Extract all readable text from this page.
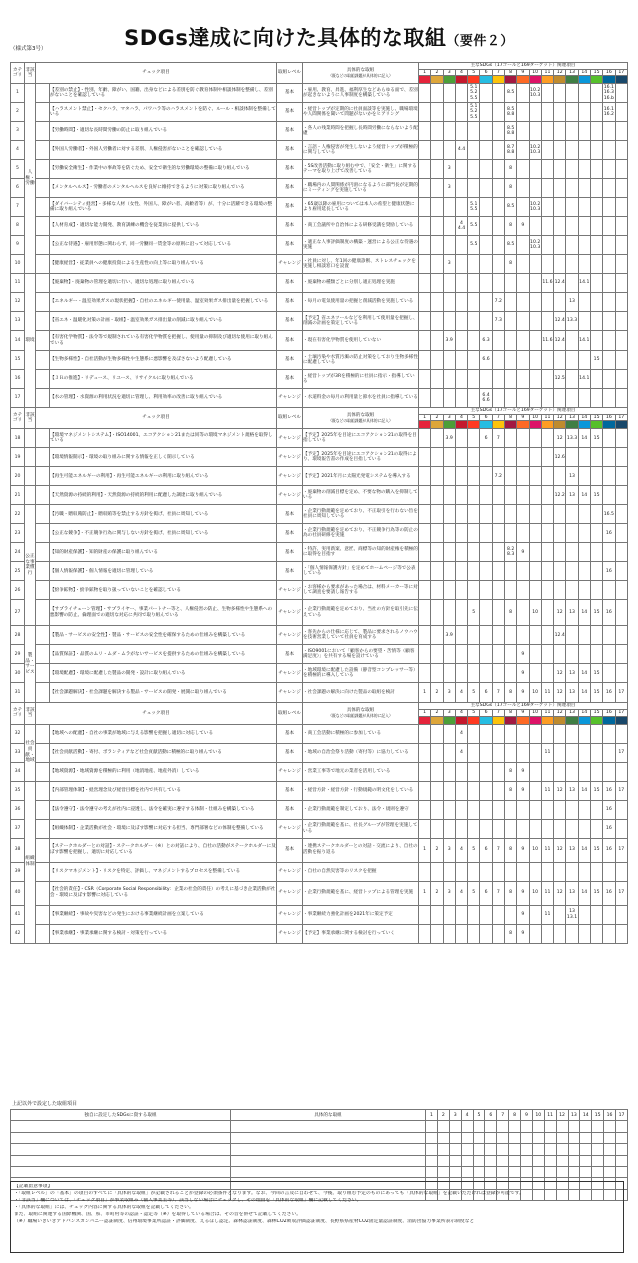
（様式第3号）	SDGs達成に向けた具体的な取組（要件２）
カテゴリ	非該当	チェック項目		取組レベル	具体的な取組
（既などの取組課題が具体的に記入）	主なSDGs（17ゴールと169ターゲット）関連項目																
						1	2	3	4	5	6	7	8	9	10	11	12	13	14	15	16	17

1	人権・労働		【差別の禁止】・性別、年齢、障がい、国籍、出身などによる差別を防ぐ教育体制や相談体制を整備し、差別がないことを確認している	基本	・雇用、教育、昇進、福利厚生などあらゆる面で、差別が起きないように人事制度を構築している					5.1 5.2 5.5			8.5		10.2 10.3						16.1 16.3 16.b	
2			【ハラスメント禁止】・セクハラ、マタハラ、パワハラ等のハラスメントを防ぐ、ルール・相談体制を整備している	基本	・経営トップが定期的に社員面談等を実施し、職場環境や人間関係を聞いて問題がないかをヒアリング					5.1 5.2 5.5			8.5 8.8								16.1 16.2	
3			【労働時間】・適切な長時間労働の防止に取り組んでいる	基本	・各人の残業時間を把握し長時間労働にならないよう配慮								8.5 8.8									
4			【外国人労働者】・外国人労働者に対する差別、人権侵害がないことを確認している	基本	・言語・人権侵害が発生しないよう経営トップが積極的に関与している				4.4				8.7 8.8		10.2 10.3							
5			【労働安全衛生】・作業中の事故等を防ぐため、安全で衛生的な労働環境の整備に取り組んでいる	基本	・5S改善活動に取り組む中で、「安全・衛生」に関するテーマを取り上げて改善している			3					8									
6			【メンタルヘルス】・労働者のメンタルヘルスを良好に維持できるように対策に取り組んでいる	基本	・職場内の人間関係が円滑になるように部門長が定期的にミーティングを実施している			3					8									
7			【ダイバーシティ経営】・多様な人材（女性、外国人、障がい者、高齢者等）が、十分に活躍できる環境の整備に取り組んでいる	基本	・65歳以降の雇用については本人の希望と健康状態により雇用延長している					5.1 5.5			8.5		10.2 10.3							
8			【人材育成】・適切な能力開発、教育訓練の機会を従業員に提供している	基本	・商工会議所や自治体による研修受講を奨励している				4 4.4	5.5			8	9								
9			【公正な待遇】・雇用形態に関わらず、同一労働同一賃金等の原則に沿って対応している	基本	・適正な人事評価制度の構築・運営による公正な待遇の実施					5.5			8.5		10.2 10.3							
10			【健康経営】・従業員への健康投資による生産性の向上等に取り組んでいる	チャレンジ	・社員に対し、年1回の健康診断、ストレスチェックを実施し相談窓口を設置			3					8									
11	環境		【廃棄物】・廃棄物の管理を適切に行い、適切な処理に取り組んでいる	基本	・廃棄物の種類ごとに分別し適正処理を実施											11.6	12.4		14.1			
12			【エネルギー・温室効果ガスの現状把握】・自社のエネルギー使用量、温室効果ガス排出量を把握している	基本	・毎月の電気使用量の把握と削減活動を実施している							7.2						13				
13			【省エネ・温暖化対策の計画・取組】・温室効果ガス排出量の削減に取り組んでいる	基本	【予定】省エネツールなどを利用して使用量を把握し、削減の計画を策定している							7.3					12.4	13.3				
14			【有害化学物質】・法令等で規制されている有害化学物質を把握し、使用量の抑制及び適切な使用に取り組んでいる	基本	・現在有害化学物質を使用していない			3.9			6.3					11.6	12.4		14.1			
15			【生物多様性】・自社活動が生物多様性や生態系に悪影響を及ぼさないよう配慮している	基本	・土壌汚染や水質汚濁の防止対策をしており生物多様性に配慮している						6.6									15		
16			【３Ｒの推進】・リデュース、リユース、リサイクルに取り組んでいる	基本	・経営トップが3Rを積極的に社員に指示・指導している												12.5		14.1			
17			【水の管理】・水資源の利用状況を適切に管理し、利用効率の改善に取り組んでいる	チャレンジ	・水道料金の毎月の利用量と節水を社員に指導している						6.4 6.6											
カテゴリ	非該当	チェック項目		取組レベル	具体的な取組
（既などの取組課題が具体的に記入）	主なSDGs（17ゴールと169ターゲット）関連項目																
						1	2	3	4	5	6	7	8	9	10	11	12	13	14	15	16	17

18			【環境マネジメントシステム】・ISO14001、エコアクション21または同等の環境マネジメント規格を取得している	チャレンジ	【予定】2025年を目途にエコアクション21の取得を目指している			3.9			6	7					12	13.3	14	15		
19			【環境情報開示】・環境の取り組みに関する情報を正しく開示している	チャレンジ	【予定】2025年を目途にエコアクション21の取得により、環境報告書の作成を目指している												12.6					
20			【再生可能エネルギーの利用】・再生可能エネルギーの利用に取り組んでいる	チャレンジ	【予定】2021年月に太陽光発電システムを導入する							7.2						13				
21			【天然資源の持続的利用】・天然資源の持続的利用に配慮した調達に取り組んでいる	チャレンジ	・廃棄物の削減目標を定め、不要な物の購入を抑制している												12.2	13	14	15		
22	公正な事業慣行		【汚職・贈収賄防止】・贈収賄等を禁止する方針を掲げ、社員に周知している	基本	・企業行動規範を定めており、不正取引を行わない旨を社員に周知している																16.5	
23			【公正な競争】・不正競争行為に関与しない方針を掲げ、社員に周知している	基本	・企業行動規範を定めており、不正競争行為等の防止の為の社員研修を実施																16	
24			【知的財産保護】・知的財産の保護に取り組んでいる	基本	・特許、実用新案、意匠、商標等の知的財産権を積極的に取得を目指す								8.2 8.3	9								
25			【個人情報保護】・個人情報を適切に管理している	基本	・「個人情報保護方針」を定めてホームページ等で公表している																16	
26			【紛争鉱物】・紛争鉱物を取り扱っていないことを確認している	チャレンジ	・お客様から要求があった場合は、材料メーカー等に対して調査を要請し報告する																	
27			【サプライチェーン管理】・サプライヤー、事業パートナー等と、人権侵害の防止、生物多様性や生態系への悪影響の防止、倫理面での適切な対応に共同で取り組んでいる	チャレンジ	・企業行動規範を定めており、当社の方針を取引先に伝えている					5			8		10		12	13	14	15	16	
28	製品・サービス		【製品・サービスの安全性】・製品・サービスの安全性を確保するための仕組みを構築している	チャレンジ	・客先からの仕様に応じて、製品に要求されるノウハウを技術営業していて社員を育成する			3.9									12.4					
29			【品質保証】・品質のムリ・ムダ・ムラがないサービスを提供するための仕組みを構築している	基本	・ISO9001において「顧客からの要望・苦情等（顧客満足度）」を共有する場を設けている									9								
30			【環境配慮】・環境に配慮した製品の開発・設計に取り組んでいる	チャレンジ	・地域環境に配慮した設備（静音型コンプレッサー等）を積極的に導入している									9			12	13	14	15		
31			【社会課題解決】・社会課題を解決する製品・サービスの開発・展開に取り組んでいる	チャレンジ	・社会課題の解決に向けた製品の取組を検討	1	2	3	4	5	6	7	8	9	10	11	12	13	14	15	16	17
カテゴリ	非該当	チェック項目		取組レベル	具体的な取組
（既などの取組課題が具体的に記入）	主なSDGs（17ゴールと169ターゲット）関連項目																
						1	2	3	4	5	6	7	8	9	10	11	12	13	14	15	16	17

32	社会貢献・地域		【地域への配慮】・自社の事業が地域に与える影響を把握し適切に対応している	基本	・商工会活動に積極的に参加している				4													
33			【社会貢献活動】・寄付、ボランティアなど社会貢献活動に積極的に取り組んでいる	基本	・地域の自治会祭り活動（寄付等）に協力している				4							11						17
34			【地域資源】・地域資源を積極的に利用（地消地産、地産外消）している	チャレンジ	・営業工事等で地元の業者を活用している								8	9								
35	組織体制		【内部管理体制】・経営理念及び経営目標を社内で共有している	基本	・経営方針・経営方針・行動規範の明文化をしている								8	9		11	12	13	14	15	16	17
36			【法令遵守】・法令遵守の考えが社内に浸透し、法令を確実に遵守する体制・仕組みを構築している	基本	・企業行動規範を制定しており、法令・規則を遵守																16	
37			【組織体制】・企業活動が社会・環境に及ぼす影響に対応する担当、専門部署などの体制を整備している	チャレンジ	・企業行動規範を基に、社長グループが管理を実施している																16	
38			【ステークホルダーとの対話】・ステークホルダー（※）との対話により、自社の活動がステークホルダーに及ぼす影響を把握し、適切に対応している	基本	・連携ステークホルダーとの対話・交流により、自社の活動を振り返る	1	2	3	4	5	6	7	8	9	10	11	12	13	14	15	16	17
39			【リスクマネジメント】・リスクを特定、評価し、マネジメントするプロセスを整備している	チャレンジ	・自社の自然災害等のリスクを把握																	
40			【社会的責任】・CSR（Corporate Social Responsibility：企業の社会的責任）の考えに基づき企業活動が社会・環境に及ぼす影響に対応している	チャレンジ	・企業行動規範を基に、経営トップによる管理を実施	1	2	3	4	5	6	7	8	9	10	11	12	13	14	15	16	17
41			【事業継続】・事故や災害などの発生における事業継続計画を立案している	チャレンジ	・事業継続力強化計画を2021年に策定予定									9		11		13 13.1				
42			【事業承継】・事業承継に関する検討・対策を行っている	チャレンジ	【予定】事業承継に関する検討を行っていく								8	9								
上記以外で設定した取組項目
独自に設定したSDGsに資する取組	具体的な取組	1	2	3	4	5	6	7	8	9	10	11	12	13	14	15	16	17

【記載留意事項】
・「取組レベル」の「基本」の項目のすべてに「具体的な取組」が記載されることが登録の必須条件となります。なお、今回の言及に自わせて、今後、取り組む予定のものにあっても「具体的な取組」を記載いただければ登録が可能です。
・「非該当」欄については、「チェック項目」が事業取組み（個人事業主等）、該当しない場合にチェックし、その理由を「具体的な取組」欄に記載してください。
・「具体的な取組」には、チェック内容に関する具体的な取組を記載してください。
また、取組に関連する国際機関、国、県、市町村等の認証・認定等（※）を取得している場合は、その旨を併せて記載してください。
（※）職場いきいきアドバンスカンパニー認証制度、信州環境事業所認証・評価制度、えるぼし認定、森林認証制度、森林CO2吸収評価認証制度、長野県県産材CO2固定量認証制度、消防団協力事業所表示制度など
